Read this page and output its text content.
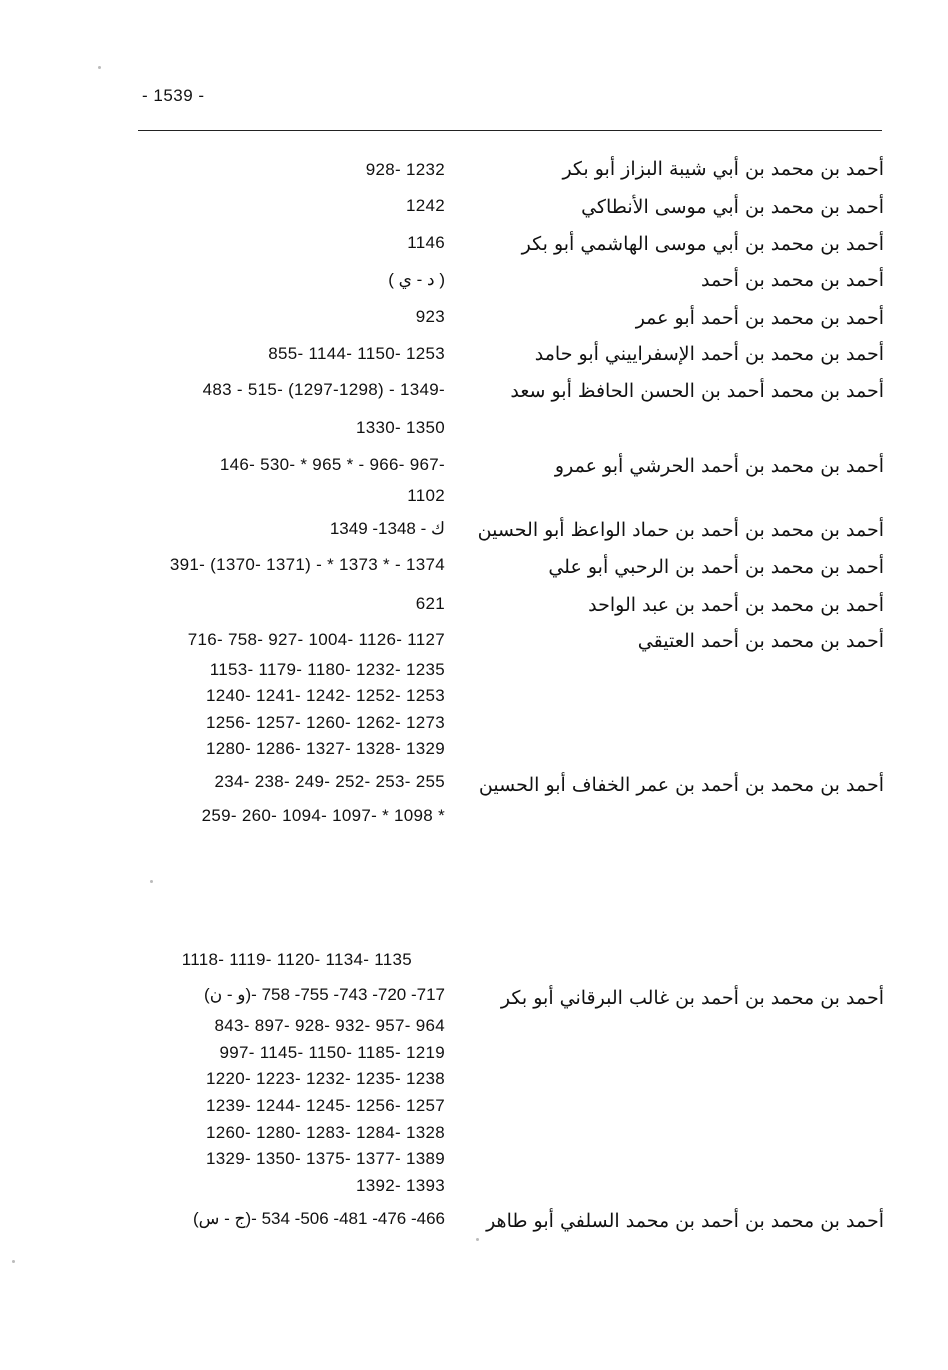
- 1539 -
أحمد بن محمد بن أبي شيبة البزاز أبو بكر
928- 1232
أحمد بن محمد بن أبي موسى الأنطاكي
1242
أحمد بن محمد بن أبي موسى الهاشمي أبو بكر
1146
أحمد بن محمد بن أحمد
( د - ي )
أحمد بن محمد بن أحمد أبو عمر
923
أحمد بن محمد بن أحمد الإسفراييني أبو حامد
855- 1144- 1150- 1253
أحمد بن محمد أحمد بن الحسن الحافظ أبو سعد
483 - 515- (1297-1298) - 1349-
1330- 1350
أحمد بن محمد بن أحمد الحرشي أبو عمرو
146- 530- * 965 * - 966- 967-
1102
أحمد بن محمد بن أحمد بن حماد الواعظ أبو الحسين
ك - 1348- 1349
أحمد بن محمد بن أحمد بن الرحبي أبو علي
391- (1370- 1371) - * 1373 * - 1374
أحمد بن محمد بن أحمد بن عبد الواحد
621
أحمد بن محمد بن أحمد العتيقي
716- 758- 927- 1004- 1126- 1127
1153- 1179- 1180- 1232- 1235
1240- 1241- 1242- 1252- 1253
1256- 1257- 1260- 1262- 1273
1280- 1286- 1327- 1328- 1329
أحمد بن محمد بن أحمد بن عمر الخفاف أبو الحسين
234- 238- 249- 252- 253- 255
259- 260- 1094- 1097- * 1098 *
1118- 1119- 1120- 1134- 1135
أحمد بن محمد بن أحمد بن غالب البرقاني أبو بكر
(و - ن)- 717- 720- 743- 755- 758
843- 897- 928- 932- 957- 964
997- 1145- 1150- 1185- 1219
1220- 1223- 1232- 1235- 1238
1239- 1244- 1245- 1256- 1257
1260- 1280- 1283- 1284- 1328
1329- 1350- 1375- 1377- 1389
1392- 1393
أحمد بن محمد بن أحمد بن محمد السلفي أبو طاهر
(ج - س)- 466- 476- 481- 506- 534
